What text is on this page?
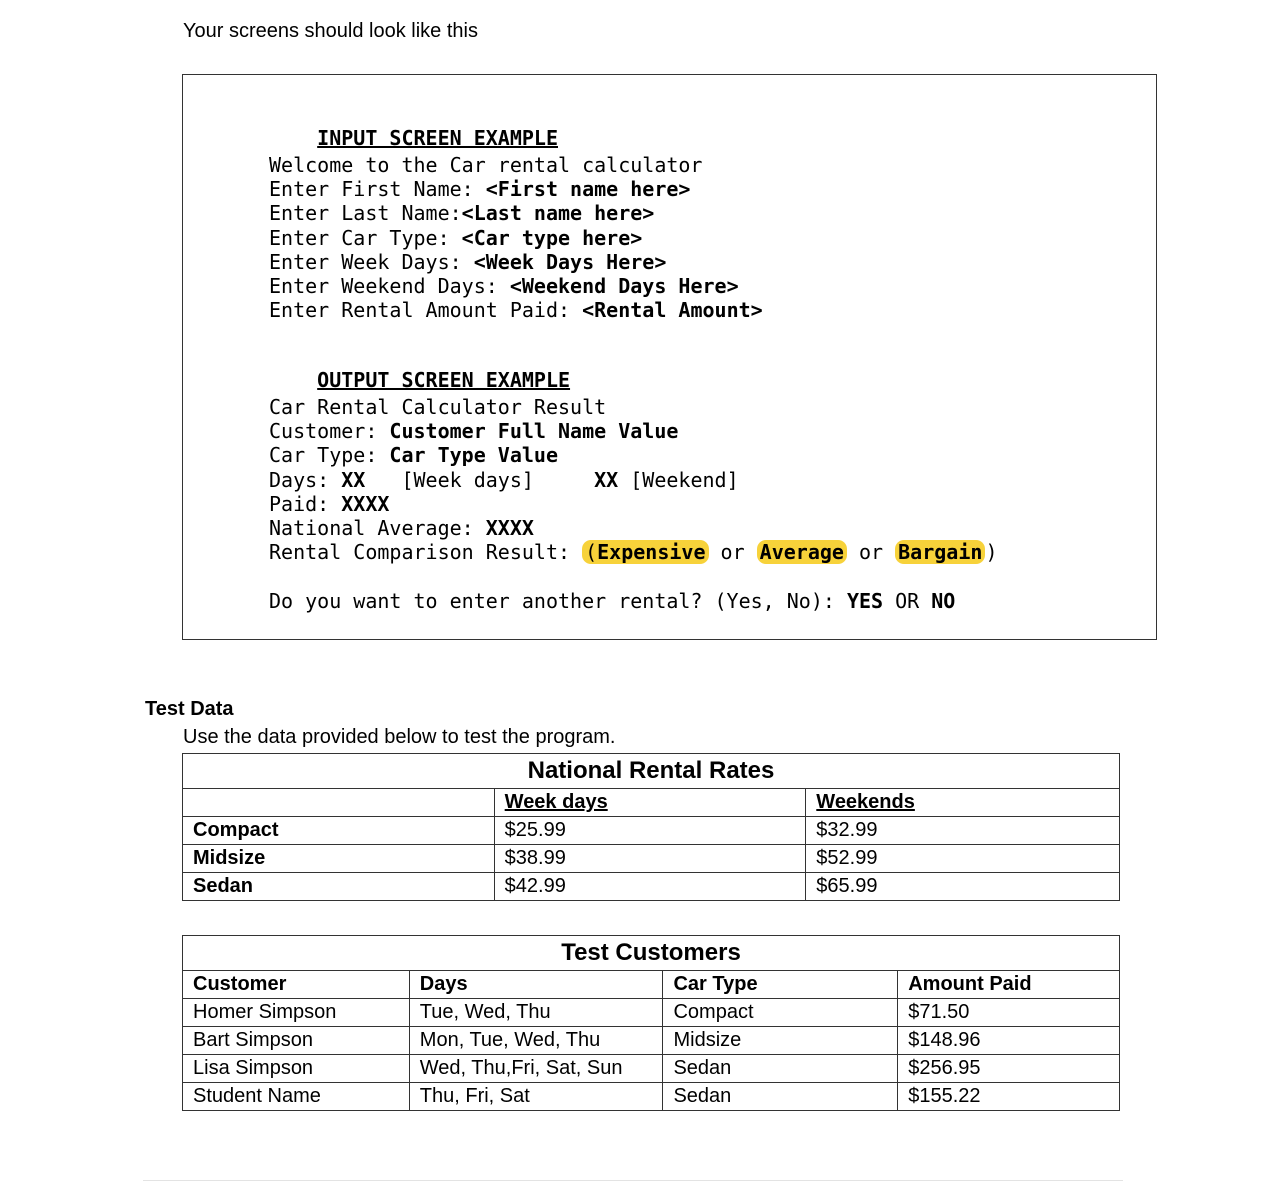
Your screens should look like this

INPUT SCREEN EXAMPLE

Welcome to the Car rental calculator
Enter First Name: <First name here>
Enter Last Name:<Last name here>
Enter Car Type: <Car type here>
Enter Week Days: <Week Days Here>
Enter Weekend Days: <Weekend Days Here>
Enter Rental Amount Paid: <Rental Amount>

OUTPUT SCREEN EXAMPLE

Car Rental Calculator Result
Customer: Customer Full Name Value
Car Type: Car Type Value
Days: XX   [Week days]     XX [Weekend]
Paid: XXXX
National Average: XXXX
Rental Comparison Result: (Expensive or Average or Bargain )
Do you want to enter another rental? (Yes, No): YES OR NO
Test Data
Use the data provided below to test the program.
National Rental Rates		
	Week days	Weekends
Compact	$25.99	$32.99
Midsize	$38.99	$52.99
Sedan	$42.99	$65.99
Test Customers			
Customer	Days	Car Type	Amount Paid
Homer Simpson	Tue, Wed, Thu	Compact	$71.50
Bart Simpson	Mon, Tue, Wed, Thu	Midsize	$148.96
Lisa Simpson	Wed, Thu,Fri, Sat, Sun	Sedan	$256.95
Student Name	Thu, Fri, Sat	Sedan	$155.22
